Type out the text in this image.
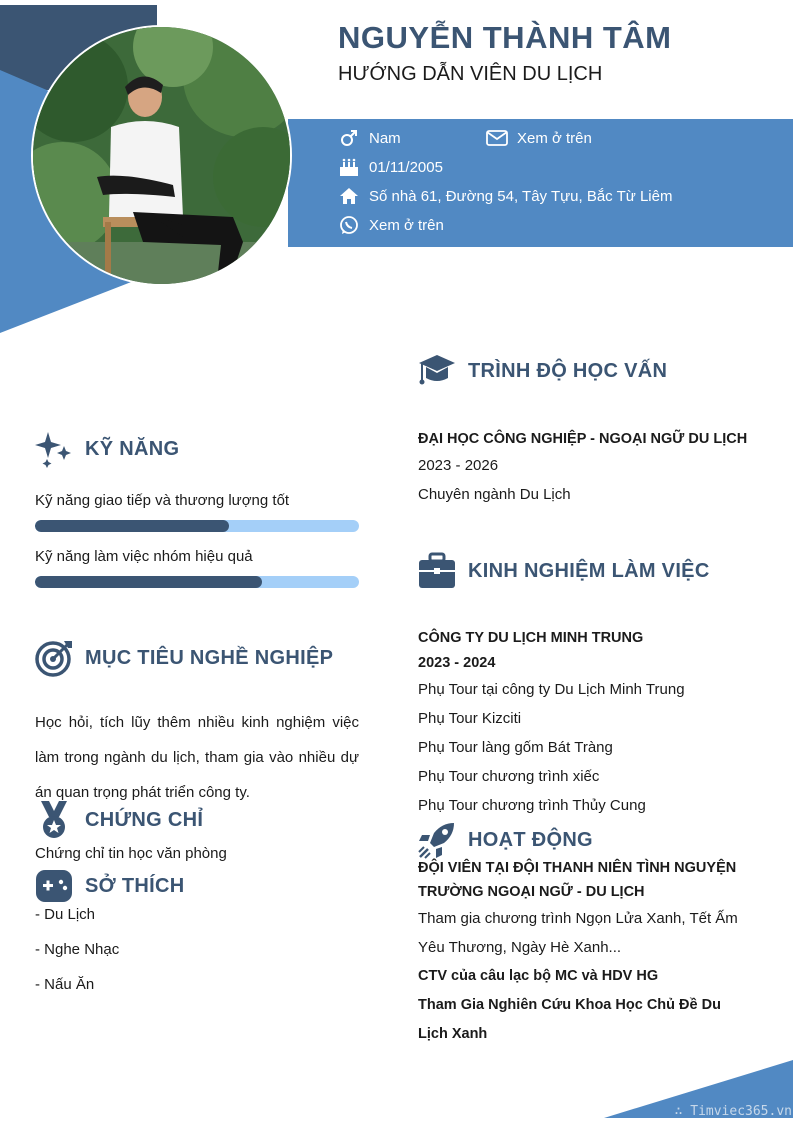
NGUYỄN THÀNH TÂM
HƯỚNG DẪN VIÊN DU LỊCH
Nam	Xem ở trên
01/11/2005
Số nhà 61, Đường 54, Tây Tựu, Bắc Từ Liêm
Xem ở trên
KỸ NĂNG
Kỹ năng giao tiếp và thương lượng tốt
Kỹ năng làm việc nhóm hiệu quả
MỤC TIÊU NGHỀ NGHIỆP
Học hỏi, tích lũy thêm nhiều kinh nghiệm việc làm trong ngành du lịch, tham gia vào nhiều dự án quan trọng phát triển công ty.
CHỨNG CHỈ
Chứng chỉ tin học văn phòng
SỞ THÍCH
- Du Lịch
- Nghe Nhạc
- Nấu Ăn
TRÌNH ĐỘ HỌC VẤN
ĐẠI HỌC CÔNG NGHIỆP - NGOẠI NGỮ DU LỊCH
2023 - 2026
Chuyên ngành Du Lịch
KINH NGHIỆM LÀM VIỆC
CÔNG TY DU LỊCH MINH TRUNG
2023 - 2024
Phụ Tour tại công ty Du Lịch Minh Trung
Phụ Tour Kizciti
Phụ Tour làng gốm Bát Tràng
Phụ Tour chương trình xiếc
Phụ Tour chương trình Thủy Cung
HOẠT ĐỘNG
ĐỘI VIÊN TẠI ĐỘI THANH NIÊN TÌNH NGUYỆN
TRƯỜNG NGOẠI NGỮ - DU LỊCH
Tham gia chương trình Ngọn Lửa Xanh, Tết Ấm
Yêu Thương, Ngày Hè Xanh...
CTV của câu lạc bộ MC và HDV HG
Tham Gia Nghiên Cứu Khoa Học Chủ Đề Du
Lịch Xanh
∴ Timviec365.vn
